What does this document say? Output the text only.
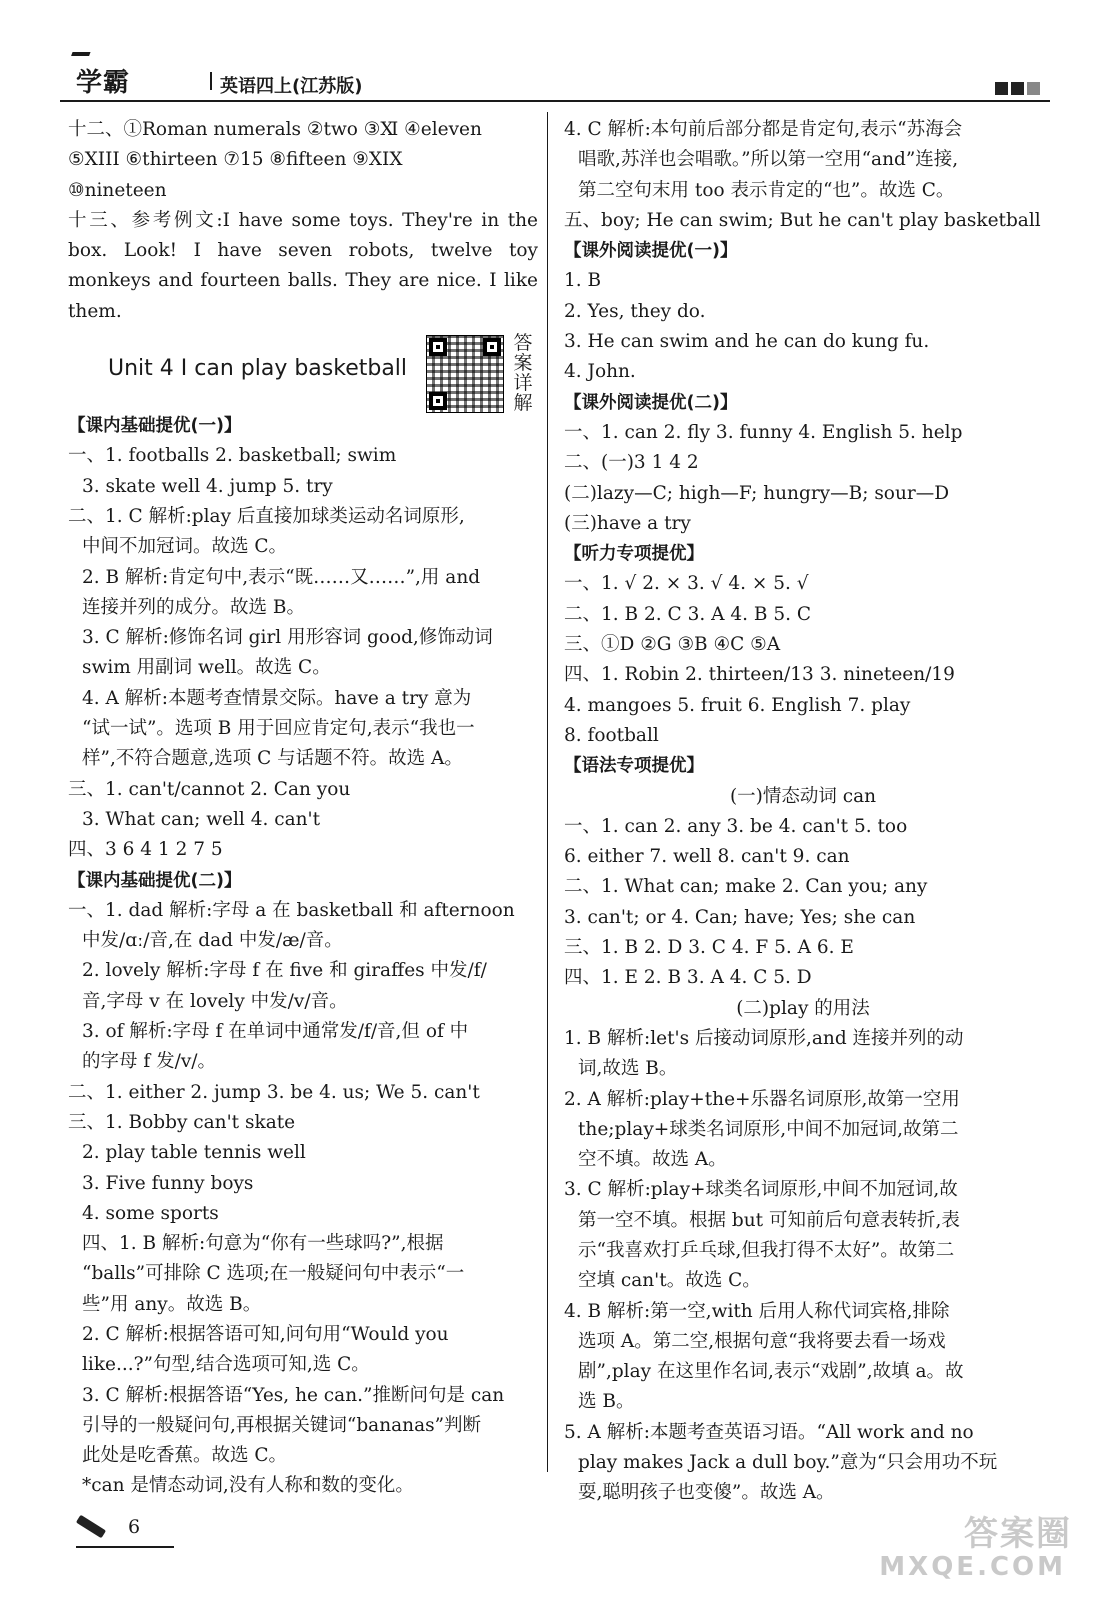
学霸	英语四上(江苏版)
十二、①Roman numerals ②two ③Ⅺ ④eleven
⑤XIII ⑥thirteen ⑦15 ⑧fifteen ⑨XIX
⑩nineteen
十三、参考例文:I have some toys. They're in the
box. Look! I have seven robots, twelve toy
monkeys and fourteen balls. They are nice. I like
them.
Unit 4 I can play basketball
答案详解
【课内基础提优(一)】
一、1. footballs 2. basketball; swim
3. skate well 4. jump 5. try
二、1. C 解析:play 后直接加球类运动名词原形,
中间不加冠词。故选 C。
2. B 解析:肯定句中,表示“既……又……”,用 and
连接并列的成分。故选 B。
3. C 解析:修饰名词 girl 用形容词 good,修饰动词
swim 用副词 well。故选 C。
4. A 解析:本题考查情景交际。have a try 意为
“试一试”。选项 B 用于回应肯定句,表示“我也一
样”,不符合题意,选项 C 与话题不符。故选 A。
三、1. can't/cannot 2. Can you
3. What can; well 4. can't
四、3 6 4 1 2 7 5
【课内基础提优(二)】
一、1. dad 解析:字母 a 在 basketball 和 afternoon
中发/ɑː/音,在 dad 中发/æ/音。
2. lovely 解析:字母 f 在 five 和 giraffes 中发/f/
音,字母 v 在 lovely 中发/v/音。
3. of 解析:字母 f 在单词中通常发/f/音,但 of 中
的字母 f 发/v/。
二、1. either 2. jump 3. be 4. us; We 5. can't
三、1. Bobby can't skate
2. play table tennis well
3. Five funny boys
4. some sports
四、1. B 解析:句意为“你有一些球吗?”,根据
“balls”可排除 C 选项;在一般疑问句中表示“一
些”用 any。故选 B。
2. C 解析:根据答语可知,问句用“Would you
like...?”句型,结合选项可知,选 C。
3. C 解析:根据答语“Yes, he can.”推断问句是 can
引导的一般疑问句,再根据关键词“bananas”判断
此处是吃香蕉。故选 C。
*can 是情态动词,没有人称和数的变化。
4. C 解析:本句前后部分都是肯定句,表示“苏海会
唱歌,苏洋也会唱歌。”所以第一空用“and”连接,
第二空句末用 too 表示肯定的“也”。故选 C。
五、boy; He can swim; But he can't play basketball
【课外阅读提优(一)】
1. B
2. Yes, they do.
3. He can swim and he can do kung fu.
4. John.
【课外阅读提优(二)】
一、1. can 2. fly 3. funny 4. English 5. help
二、(一)3 1 4 2
(二)lazy—C; high—F; hungry—B; sour—D
(三)have a try
【听力专项提优】
一、1. √ 2. × 3. √ 4. × 5. √
二、1. B 2. C 3. A 4. B 5. C
三、①D ②G ③B ④C ⑤A
四、1. Robin 2. thirteen/13 3. nineteen/19
4. mangoes 5. fruit 6. English 7. play
8. football
【语法专项提优】
(一)情态动词 can
一、1. can 2. any 3. be 4. can't 5. too
6. either 7. well 8. can't 9. can
二、1. What can; make 2. Can you; any
3. can't; or 4. Can; have; Yes; she can
三、1. B 2. D 3. C 4. F 5. A 6. E
四、1. E 2. B 3. A 4. C 5. D
(二)play 的用法
1. B 解析:let's 后接动词原形,and 连接并列的动
词,故选 B。
2. A 解析:play+the+乐器名词原形,故第一空用
the;play+球类名词原形,中间不加冠词,故第二
空不填。故选 A。
3. C 解析:play+球类名词原形,中间不加冠词,故
第一空不填。根据 but 可知前后句意表转折,表
示“我喜欢打乒乓球,但我打得不太好”。故第二
空填 can't。故选 C。
4. B 解析:第一空,with 后用人称代词宾格,排除
选项 A。第二空,根据句意“我将要去看一场戏
剧”,play 在这里作名词,表示“戏剧”,故填 a。故
选 B。
5. A 解析:本题考查英语习语。“All work and no
play makes Jack a dull boy.”意为“只会用功不玩
耍,聪明孩子也变傻”。故选 A。
6	答案圈
MXQE.COM
